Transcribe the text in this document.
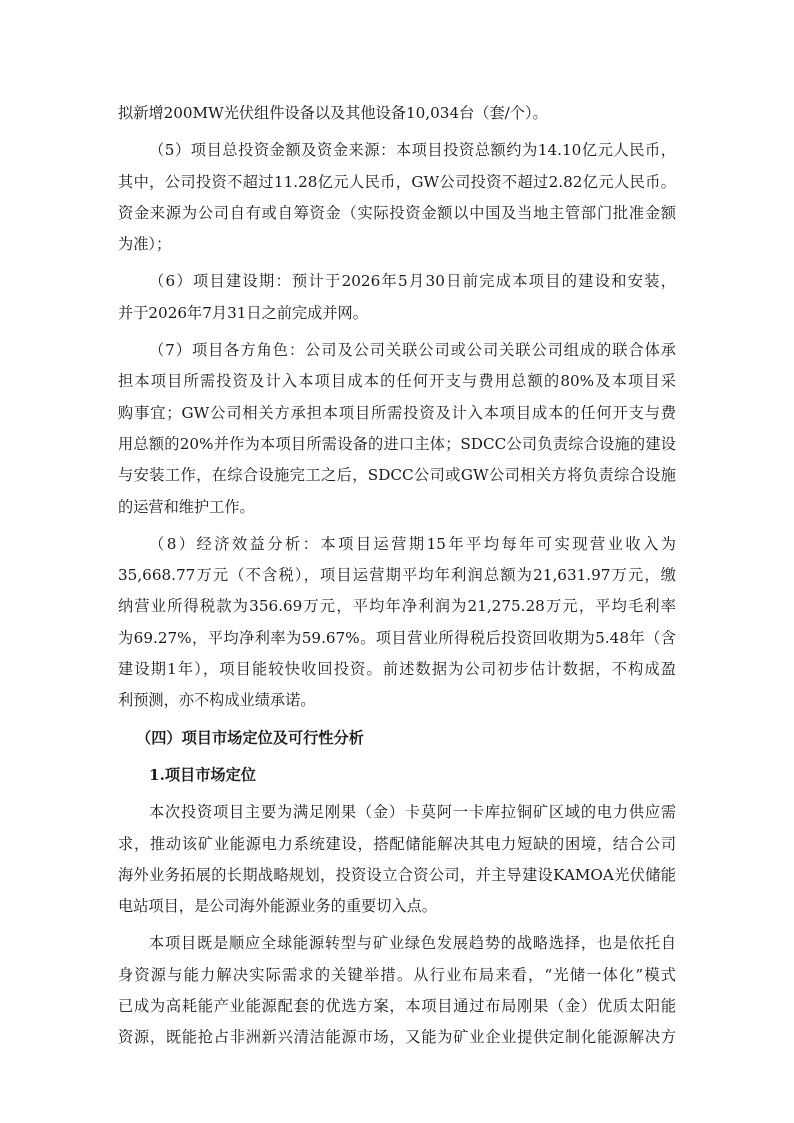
拟新增200MW光伏组件设备以及其他设备10,034台（套/个）。
（5）项目总投资金额及资金来源：本项目投资总额约为14.10亿元人民币，
其中，公司投资不超过11.28亿元人民币，GW公司投资不超过2.82亿元人民币。
资金来源为公司自有或自筹资金（实际投资金额以中国及当地主管部门批准金额
为准）；
（6）项目建设期：预计于2026年5月30日前完成本项目的建设和安装，
并于2026年7月31日之前完成并网。
（7）项目各方角色：公司及公司关联公司或公司关联公司组成的联合体承
担本项目所需投资及计入本项目成本的任何开支与费用总额的80%及本项目采
购事宜；GW公司相关方承担本项目所需投资及计入本项目成本的任何开支与费
用总额的20%并作为本项目所需设备的进口主体；SDCC公司负责综合设施的建设
与安装工作，在综合设施完工之后，SDCC公司或GW公司相关方将负责综合设施
的运营和维护工作。
（8）经济效益分析：本项目运营期15年平均每年可实现营业收入为
35,668.77万元（不含税），项目运营期平均年利润总额为21,631.97万元，缴
纳营业所得税款为356.69万元，平均年净利润为21,275.28万元，平均毛利率
为69.27%，平均净利率为59.67%。项目营业所得税后投资回收期为5.48年（含
建设期1年），项目能较快收回投资。前述数据为公司初步估计数据，不构成盈
利预测，亦不构成业绩承诺。
（四）项目市场定位及可行性分析
1.项目市场定位
本次投资项目主要为满足刚果（金）卡莫阿一卡库拉铜矿区域的电力供应需
求，推动该矿业能源电力系统建设，搭配储能解决其电力短缺的困境，结合公司
海外业务拓展的长期战略规划，投资设立合资公司，并主导建设KAMOA光伏储能
电站项目，是公司海外能源业务的重要切入点。
本项目既是顺应全球能源转型与矿业绿色发展趋势的战略选择，也是依托自
身资源与能力解决实际需求的关键举措。从行业布局来看，“光储一体化”模式
已成为高耗能产业能源配套的优选方案，本项目通过布局刚果（金）优质太阳能
资源，既能抢占非洲新兴清洁能源市场，又能为矿业企业提供定制化能源解决方
